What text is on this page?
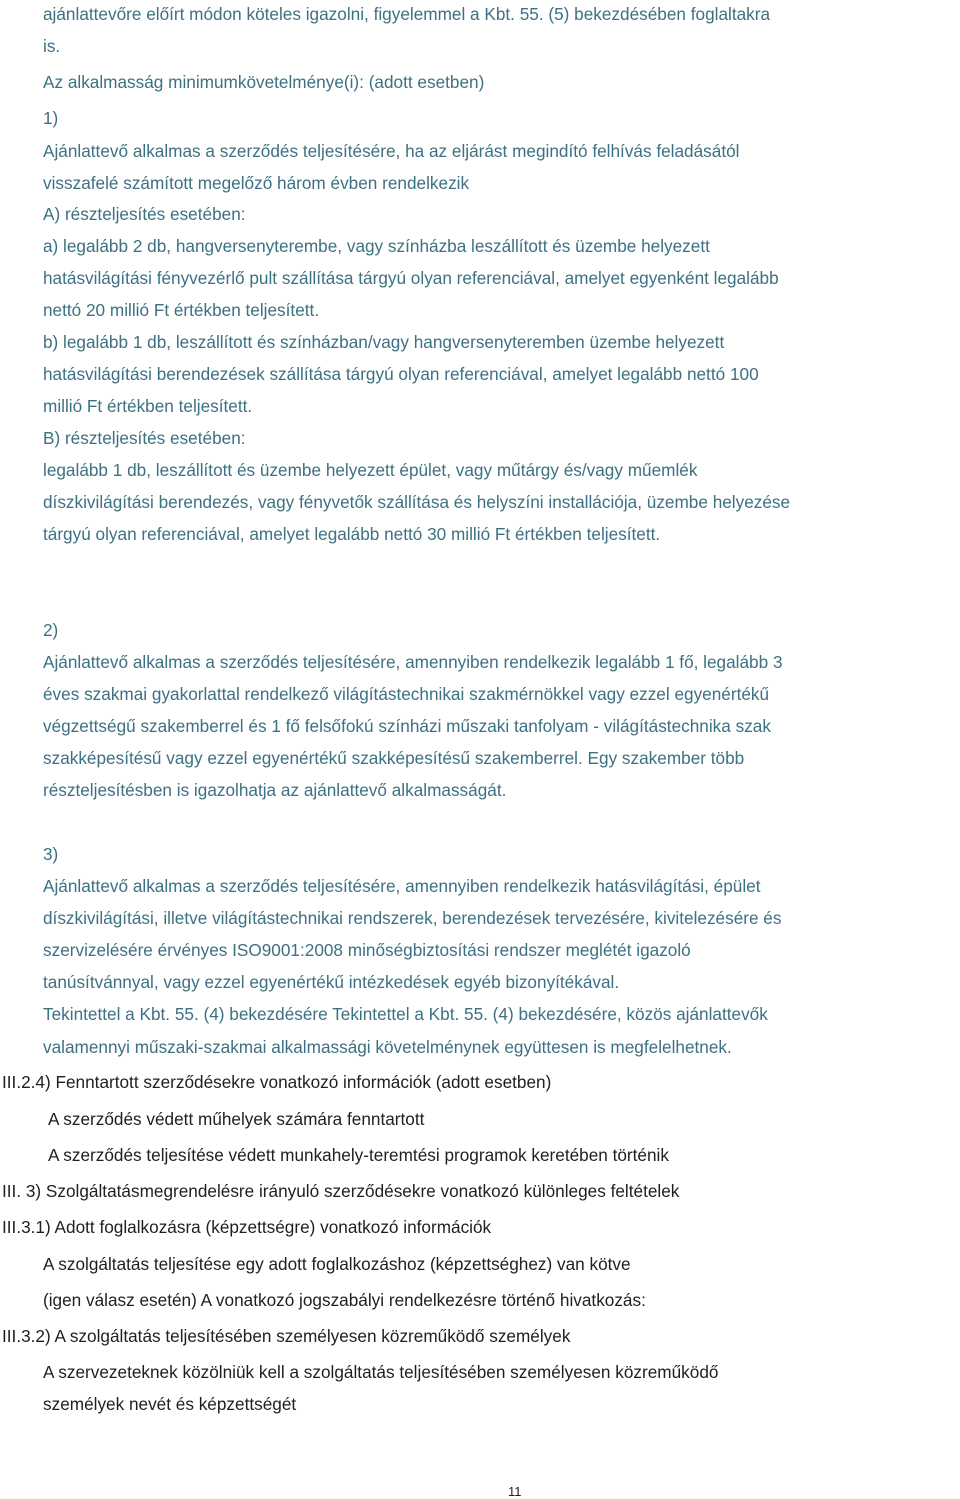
ajánlattevőre előírt módon köteles igazolni, figyelemmel a Kbt. 55. (5) bekezdésében foglaltakra
is.
Az alkalmasság minimumkövetelménye(i): (adott esetben)
1)
Ajánlattevő alkalmas a szerződés teljesítésére, ha az eljárást megindító felhívás feladásától
visszafelé számított megelőző három évben rendelkezik
A) részteljesítés esetében:
a) legalább 2 db, hangversenyterembe, vagy színházba leszállított és üzembe helyezett
hatásvilágítási fényvezérlő pult szállítása tárgyú olyan referenciával, amelyet egyenként legalább
nettó 20 millió Ft értékben teljesített.
b) legalább 1 db, leszállított és színházban/vagy hangversenyteremben üzembe helyezett
hatásvilágítási berendezések szállítása tárgyú olyan referenciával, amelyet legalább nettó 100
millió Ft értékben teljesített.
B) részteljesítés esetében:
legalább 1 db, leszállított és üzembe helyezett épület, vagy műtárgy és/vagy műemlék
díszkivilágítási berendezés, vagy fényvetők szállítása és helyszíni installációja, üzembe helyezése
tárgyú olyan referenciával, amelyet legalább nettó 30 millió Ft értékben teljesített.
2)
Ajánlattevő alkalmas a szerződés teljesítésére, amennyiben rendelkezik legalább 1 fő, legalább 3
éves szakmai gyakorlattal rendelkező világítástechnikai szakmérnökkel vagy ezzel egyenértékű
végzettségű szakemberrel és 1 fő felsőfokú színházi műszaki tanfolyam - világítástechnika szak
szakképesítésű vagy ezzel egyenértékű szakképesítésű szakemberrel. Egy szakember több
részteljesítésben is igazolhatja az ajánlattevő alkalmasságát.
3)
Ajánlattevő alkalmas a szerződés teljesítésére, amennyiben rendelkezik hatásvilágítási, épület
díszkivilágítási, illetve világítástechnikai rendszerek, berendezések tervezésére, kivitelezésére és
szervizelésére érvényes ISO9001:2008 minőségbiztosítási rendszer meglétét igazoló
tanúsítvánnyal, vagy ezzel egyenértékű intézkedések egyéb bizonyítékával.
Tekintettel a Kbt. 55. (4) bekezdésére Tekintettel a Kbt. 55. (4) bekezdésére, közös ajánlattevők
valamennyi műszaki-szakmai alkalmassági követelménynek együttesen is megfelelhetnek.
III.2.4) Fenntartott szerződésekre vonatkozó információk (adott esetben)
A szerződés védett műhelyek számára fenntartott
A szerződés teljesítése védett munkahely-teremtési programok keretében történik
III. 3) Szolgáltatásmegrendelésre irányuló szerződésekre vonatkozó különleges feltételek
III.3.1) Adott foglalkozásra (képzettségre) vonatkozó információk
A szolgáltatás teljesítése egy adott foglalkozáshoz (képzettséghez) van kötve
(igen válasz esetén) A vonatkozó jogszabályi rendelkezésre történő hivatkozás:
III.3.2) A szolgáltatás teljesítésében személyesen közreműködő személyek
A szervezeteknek közölniük kell a szolgáltatás teljesítésében személyesen közreműködő
személyek nevét és képzettségét
11
